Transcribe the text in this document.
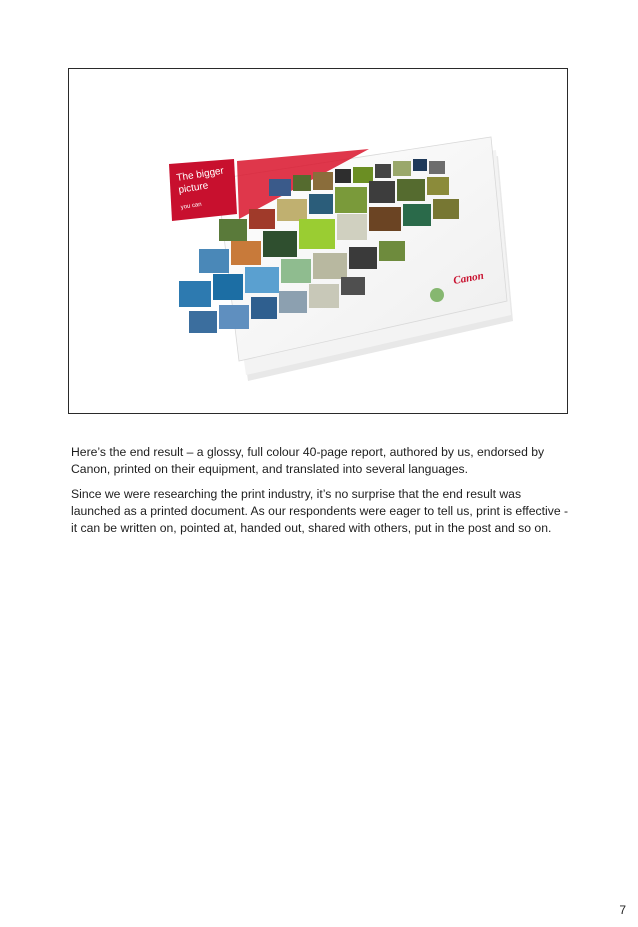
The bigger
picture
you can
Canon

Here’s the end result – a glossy, full colour 40-page report, authored by us, endorsed by Canon, printed on their equipment, and translated into several languages.

Since we were researching the print industry, it’s no surprise that the end result was launched as a printed document. As our respondents were eager to tell us, print is effective - it can be written on, pointed at, handed out, shared with others, put in the post and so on.

7
